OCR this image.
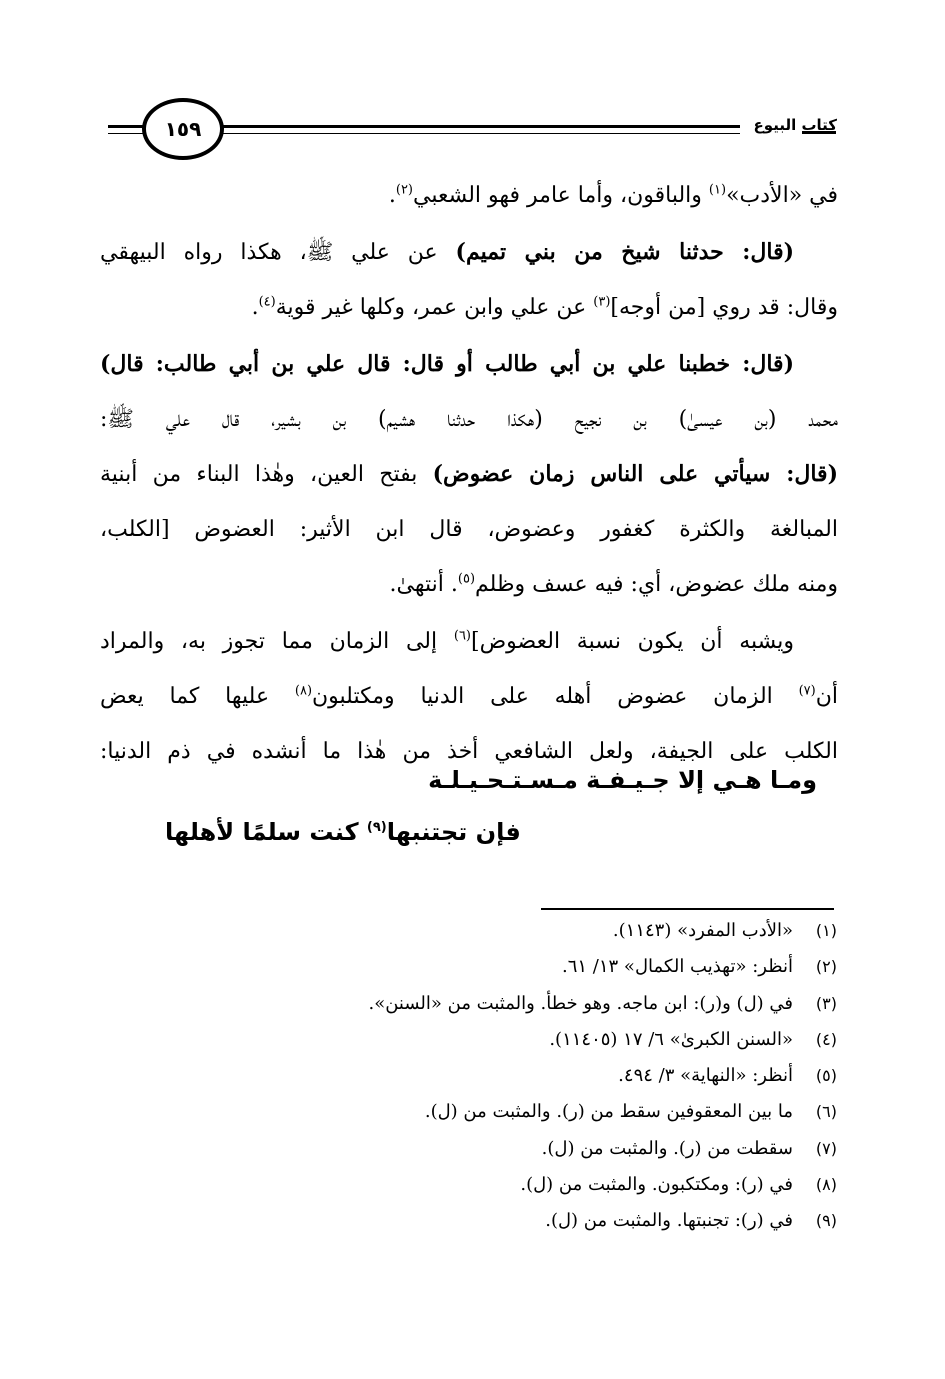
١٥٩	كتاب البيوع

في «الأدب»$^{(١)}$ والباقون، وأما عامر فهو الشعبي$^{(٢)}$.

(قال: حدثنا شيخ من بني تميم) عن علي ﷺ، هكذا رواه البيهقي
وقال: قد روي [من أوجه]$^{(٣)}$ عن علي وابن عمر، وكلها غير قوية$^{(٤)}$.

(قال: خطبنا علي بن أبي طالب أو قال: قال علي بن أبي طالب: قال)
محمد (بن عيسىٰ) بن نجيح (هكذا حدثنا هشيم) بن بشير، قال علي ﷺ:
(قال: سيأتي على الناس زمان عضوض) بفتح العين، وهٰذا البناء من أبنية
المبالغة والكثرة كغفور وعضوض، قال ابن الأثير: العضوض [الكلب،
ومنه ملك عضوض، أي: فيه عسف وظلم$^{(٥)}$. أنتهىٰ.

ويشبه أن يكون نسبة العضوض]$^{(٦)}$ إلى الزمان مما تجوز به، والمراد
أن$^{(٧)}$ الزمان عضوض أهله على الدنيا ومكتلبون$^{(٨)}$ عليها كما يعض
الكلب على الجيفة، ولعل الشافعي أخذ من هٰذا ما أنشده في ذم الدنيا:

ومـا هـي إلا جـيـفـة مـسـتـحـيـلـة
فإن تجتنبها$^{(٩)}$ كنت سلمًا لأهلها
(١)
«الأدب المفرد» (١١٤٣).
(٢)
أنظر: «تهذيب الكمال» ١٣/ ٦١.
(٣)
في (ل) و(ر): ابن ماجه. وهو خطأ. والمثبت من «السنن».
(٤)
«السنن الكبرىٰ» ٦/ ١٧ (١١٤٠٥).
(٥)
أنظر: «النهاية» ٣/ ٤٩٤.
(٦)
ما بين المعقوفين سقط من (ر). والمثبت من (ل).
(٧)
سقطت من (ر). والمثبت من (ل).
(٨)
في (ر): ومكتكبون. والمثبت من (ل).
(٩)
في (ر): تجنبتها. والمثبت من (ل).
